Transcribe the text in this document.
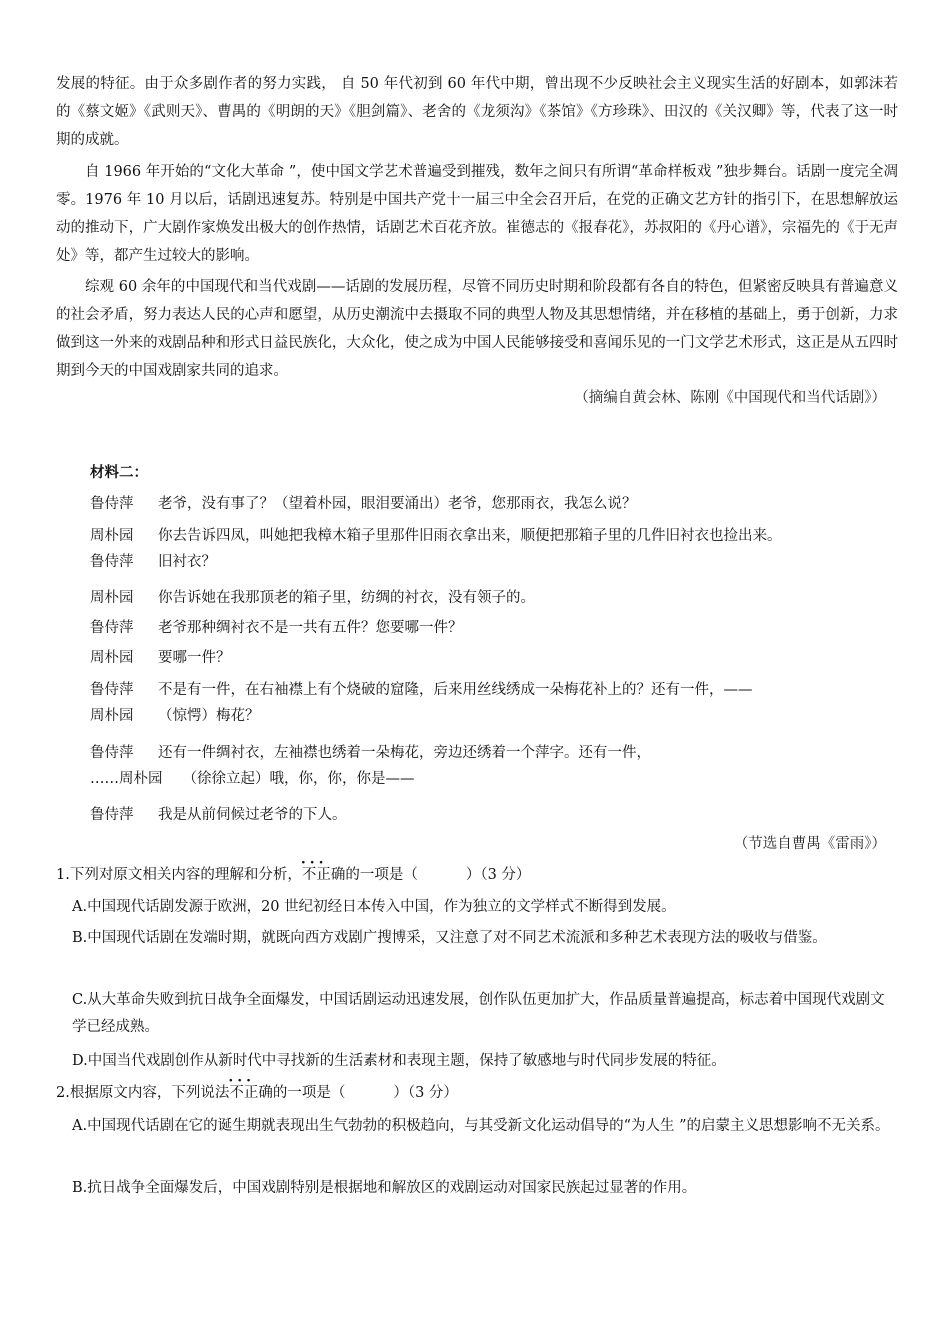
发展的特征。由于众多剧作者的努力实践， 自 50 年代初到 60 年代中期，曾出现不少反映社会主义现实生活的好剧本，如郭沫若的《蔡文姬》《武则天》、曹禺的《明朗的天》《胆剑篇》、老舍的《龙须沟》《茶馆》《方珍珠》、田汉的《关汉卿》等，代表了这一时期的成就。

自 1966 年开始的“文化大革命 ”，使中国文学艺术普遍受到摧残，数年之间只有所谓“革命样板戏 ”独步舞台。话剧一度完全凋零。1976 年 10 月以后，话剧迅速复苏。特别是中国共产党十一届三中全会召开后，在党的正确文艺方针的指引下，在思想解放运动的推动下，广大剧作家焕发出极大的创作热情，话剧艺术百花齐放。崔德志的《报春花》，苏叔阳的《丹心谱》，宗福先的《于无声处》等，都产生过较大的影响。

综观 60 余年的中国现代和当代戏剧——话剧的发展历程，尽管不同历史时期和阶段都有各自的特色，但紧密反映具有普遍意义的社会矛盾，努力表达人民的心声和愿望，从历史潮流中去摄取不同的典型人物及其思想情绪，并在移植的基础上，勇于创新，力求做到这一外来的戏剧品种和形式日益民族化，大众化，使之成为中国人民能够接受和喜闻乐见的一门文学艺术形式，这正是从五四时期到今天的中国戏剧家共同的追求。

（摘编自黄会林、陈刚《中国现代和当代话剧》）

材料二：

鲁侍萍 老爷，没有事了？（望着朴园，眼泪要涌出）老爷，您那雨衣，我怎么说？

周朴园 你去告诉四凤，叫她把我樟木箱子里那件旧雨衣拿出来，顺便把那箱子里的几件旧衬衣也捡出来。

鲁侍萍 旧衬衣？

周朴园 你告诉她在我那顶老的箱子里，纺绸的衬衣，没有领子的。

鲁侍萍 老爷那种绸衬衣不是一共有五件？您要哪一件？

周朴园 要哪一件？

鲁侍萍 不是有一件，在右袖襟上有个烧破的窟隆，后来用丝线绣成一朵梅花补上的？还有一件，——

周朴园 （惊愕）梅花？

鲁侍萍 还有一件绸衬衣，左袖襟也绣着一朵梅花，旁边还绣着一个萍字。还有一件，

……周朴园 （徐徐立起）哦，你，你，你是——

鲁侍萍 我是从前伺候过老爷的下人。

（节选自曹禺《雷雨》）

1.下列对原文相关内容的理解和分析，··· 不正确的一项是（	）（3 分）

A.中国现代话剧发源于欧洲，20 世纪初经日本传入中国，作为独立的文学样式不断得到发展。

B.中国现代话剧在发端时期，就既向西方戏剧广搜博采，又注意了对不同艺术流派和多种艺术表现方法的吸收与借鉴。

C.从大革命失败到抗日战争全面爆发，中国话剧运动迅速发展，创作队伍更加扩大，作品质量普遍提高，标志着中国现代戏剧文学已经成熟。

D.中国当代戏剧创作从新时代中寻找新的生活素材和表现主题，保持了敏感地与时代同步发展的特征。

2.根据原文内容，下列说法··· 不正确的一项是（	）（3 分）

A.中国现代话剧在它的诞生期就表现出生气勃勃的积极趋向，与其受新文化运动倡导的“为人生 ”的启蒙主义思想影响不无关系。

B.抗日战争全面爆发后，中国戏剧特别是根据地和解放区的戏剧运动对国家民族起过显著的作用。
